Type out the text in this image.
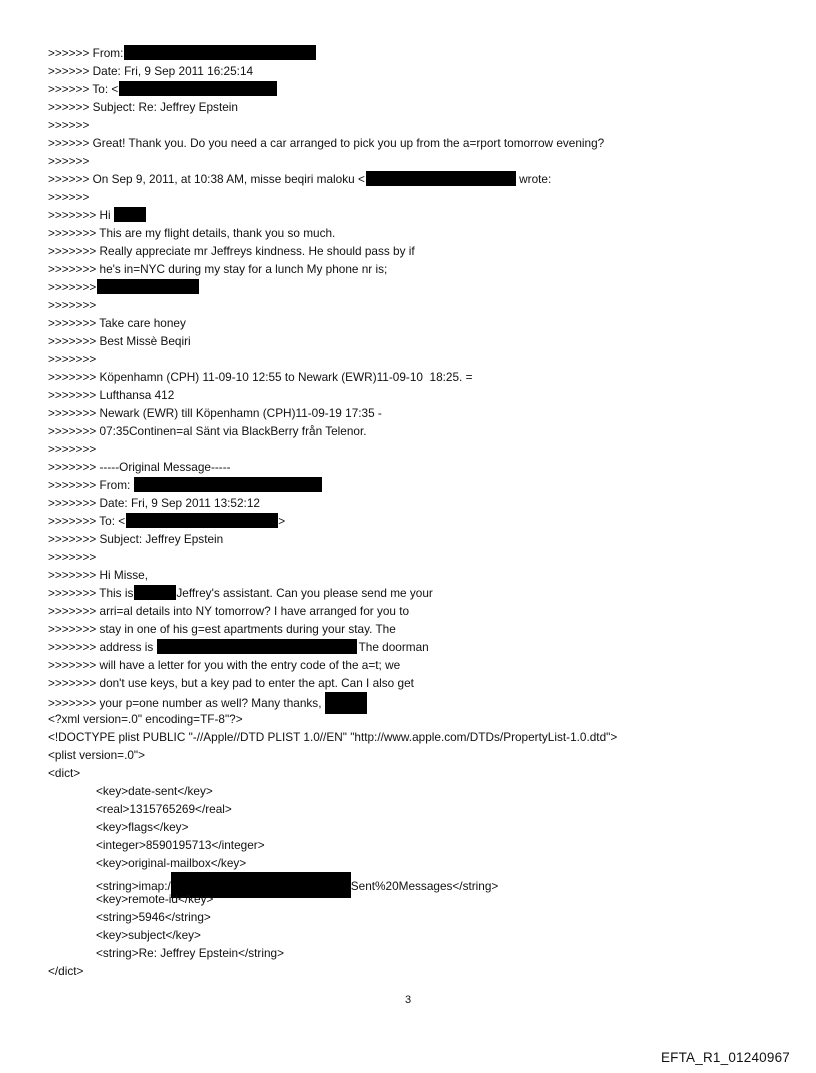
>>>>>> From:
>>>>>> Date: Fri, 9 Sep 2011 16:25:14
>>>>>> To: <
>>>>>> Subject: Re: Jeffrey Epstein
>>>>>>
>>>>>> Great! Thank you. Do you need a car arranged to pick you up from the a=rport tomorrow evening?
>>>>>>
>>>>>> On Sep 9, 2011, at 10:38 AM, misse beqiri maloku <	wrote:
>>>>>>
>>>>>>> Hi
>>>>>>> This are my flight details, thank you so much.
>>>>>>> Really appreciate mr Jeffreys kindness. He should pass by if
>>>>>>> he's in=NYC during my stay for a lunch My phone nr is;
>>>>>>>
>>>>>>>
>>>>>>> Take care honey
>>>>>>> Best Missè Beqiri
>>>>>>>
>>>>>>> Köpenhamn (CPH) 11-09-10 12:55 to Newark (EWR)11-09-10  18:25. =
>>>>>>> Lufthansa 412
>>>>>>> Newark (EWR) till Köpenhamn (CPH)11-09-19 17:35 -
>>>>>>> 07:35Continen=al Sänt via BlackBerry från Telenor.
>>>>>>>
>>>>>>> -----Original Message-----
>>>>>>> From:
>>>>>>> Date: Fri, 9 Sep 2011 13:52:12
>>>>>>> To: <	>
>>>>>>> Subject: Jeffrey Epstein
>>>>>>>
>>>>>>> Hi Misse,
>>>>>>> This is	Jeffrey's assistant. Can you please send me your
>>>>>>> arri=al details into NY tomorrow? I have arranged for you to
>>>>>>> stay in one of his g=est apartments during your stay. The
>>>>>>> address is	The doorman
>>>>>>> will have a letter for you with the entry code of the a=t; we
>>>>>>> don't use keys, but a key pad to enter the apt. Can I also get
>>>>>>> your p=one number as well? Many thanks,
<?xml version=.0" encoding=TF-8"?>
<!DOCTYPE plist PUBLIC "-//Apple//DTD PLIST 1.0//EN" "http://www.apple.com/DTDs/PropertyList-1.0.dtd">
<plist version=.0">
<dict>
<key>date-sent</key>
<real>1315765269</real>
<key>flags</key>
<integer>8590195713</integer>
<key>original-mailbox</key>
<string>imap:/	Sent%20Messages</string>
<key>remote-id</key>
<string>5946</string>
<key>subject</key>
<string>Re: Jeffrey Epstein</string>
</dict>
3
EFTA_R1_01240967
